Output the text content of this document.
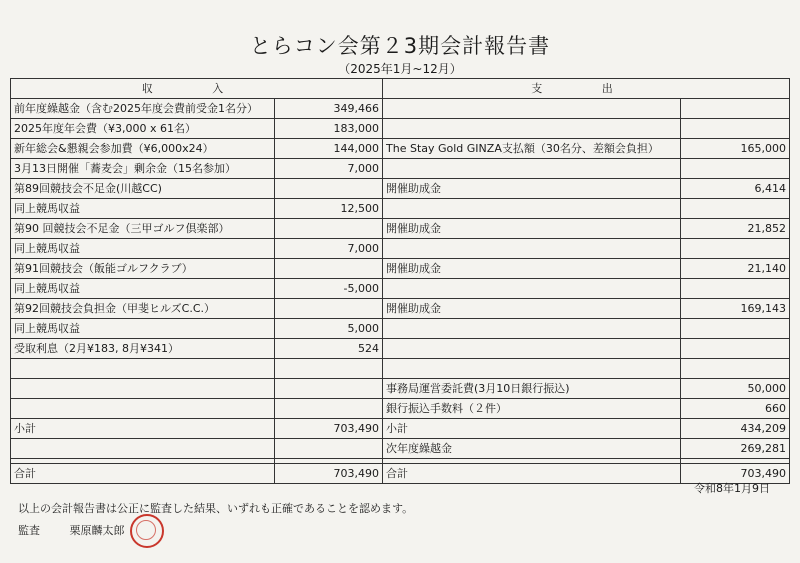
とらコン会第２3期会計報告書
（2025年1月~12月）
収 入		支 出	
前年度繰越金（含む2025年度会費前受金1名分）	349,466		
2025年度年会費（¥3,000 x 61名）	183,000		
新年総会&懇親会参加費（¥6,000x24）	144,000	The Stay Gold GINZA支払額（30名分、差額会負担）	165,000
3月13日開催「蕎麦会」剰余金（15名参加）	7,000		
第89回競技会不足金(川越CC)		開催助成金	6,414
同上競馬収益	12,500		
第90 回競技会不足金（三甲ゴルフ倶楽部）		開催助成金	21,852
同上競馬収益	7,000		
第91回競技会（飯能ゴルフクラブ）		開催助成金	21,140
同上競馬収益	-5,000		
第92回競技会負担金（甲斐ヒルズC.C.）		開催助成金	169,143
同上競馬収益	5,000		
受取利息（2月¥183, 8月¥341）	524		

		事務局運営委託費(3月10日銀行振込)	50,000
		銀行振込手数料（２件）	660
小計	703,490	小計	434,209
		次年度繰越金	269,281

合計	703,490	合計	703,490
令和8年1月9日
以上の会計報告書は公正に監査した結果、いずれも正確であることを認めます。
監査	栗原麟太郎
